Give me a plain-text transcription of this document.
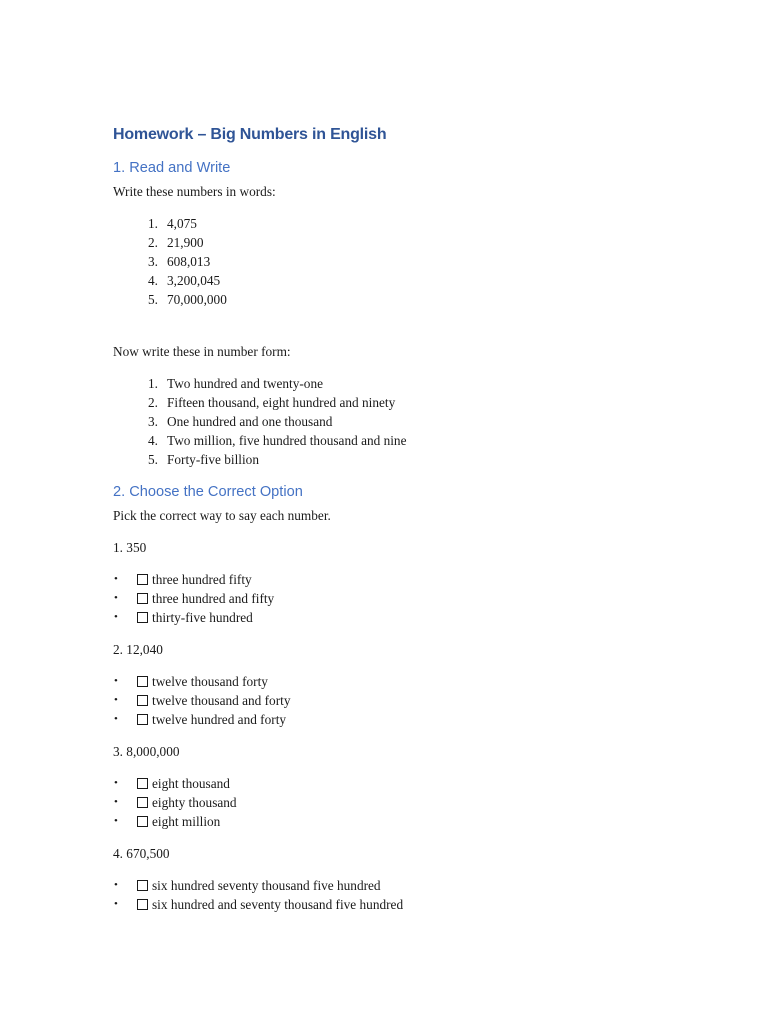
Homework – Big Numbers in English
1. Read and Write

Write these numbers in words:

1. 4,075
2. 21,900
3. 608,013
4. 3,200,045
5. 70,000,000

Now write these in number form:

1. Two hundred and twenty-one
2. Fifteen thousand, eight hundred and ninety
3. One hundred and one thousand
4. Two million, five hundred thousand and nine
5. Forty-five billion
2. Choose the Correct Option

Pick the correct way to say each number.

1. 350

•	three hundred fifty
•	three hundred and fifty
•	thirty-five hundred

2. 12,040

•	twelve thousand forty
•	twelve thousand and forty
•	twelve hundred and forty

3. 8,000,000

•	eight thousand
•	eighty thousand
•	eight million

4. 670,500

•	six hundred seventy thousand five hundred
•	six hundred and seventy thousand five hundred
